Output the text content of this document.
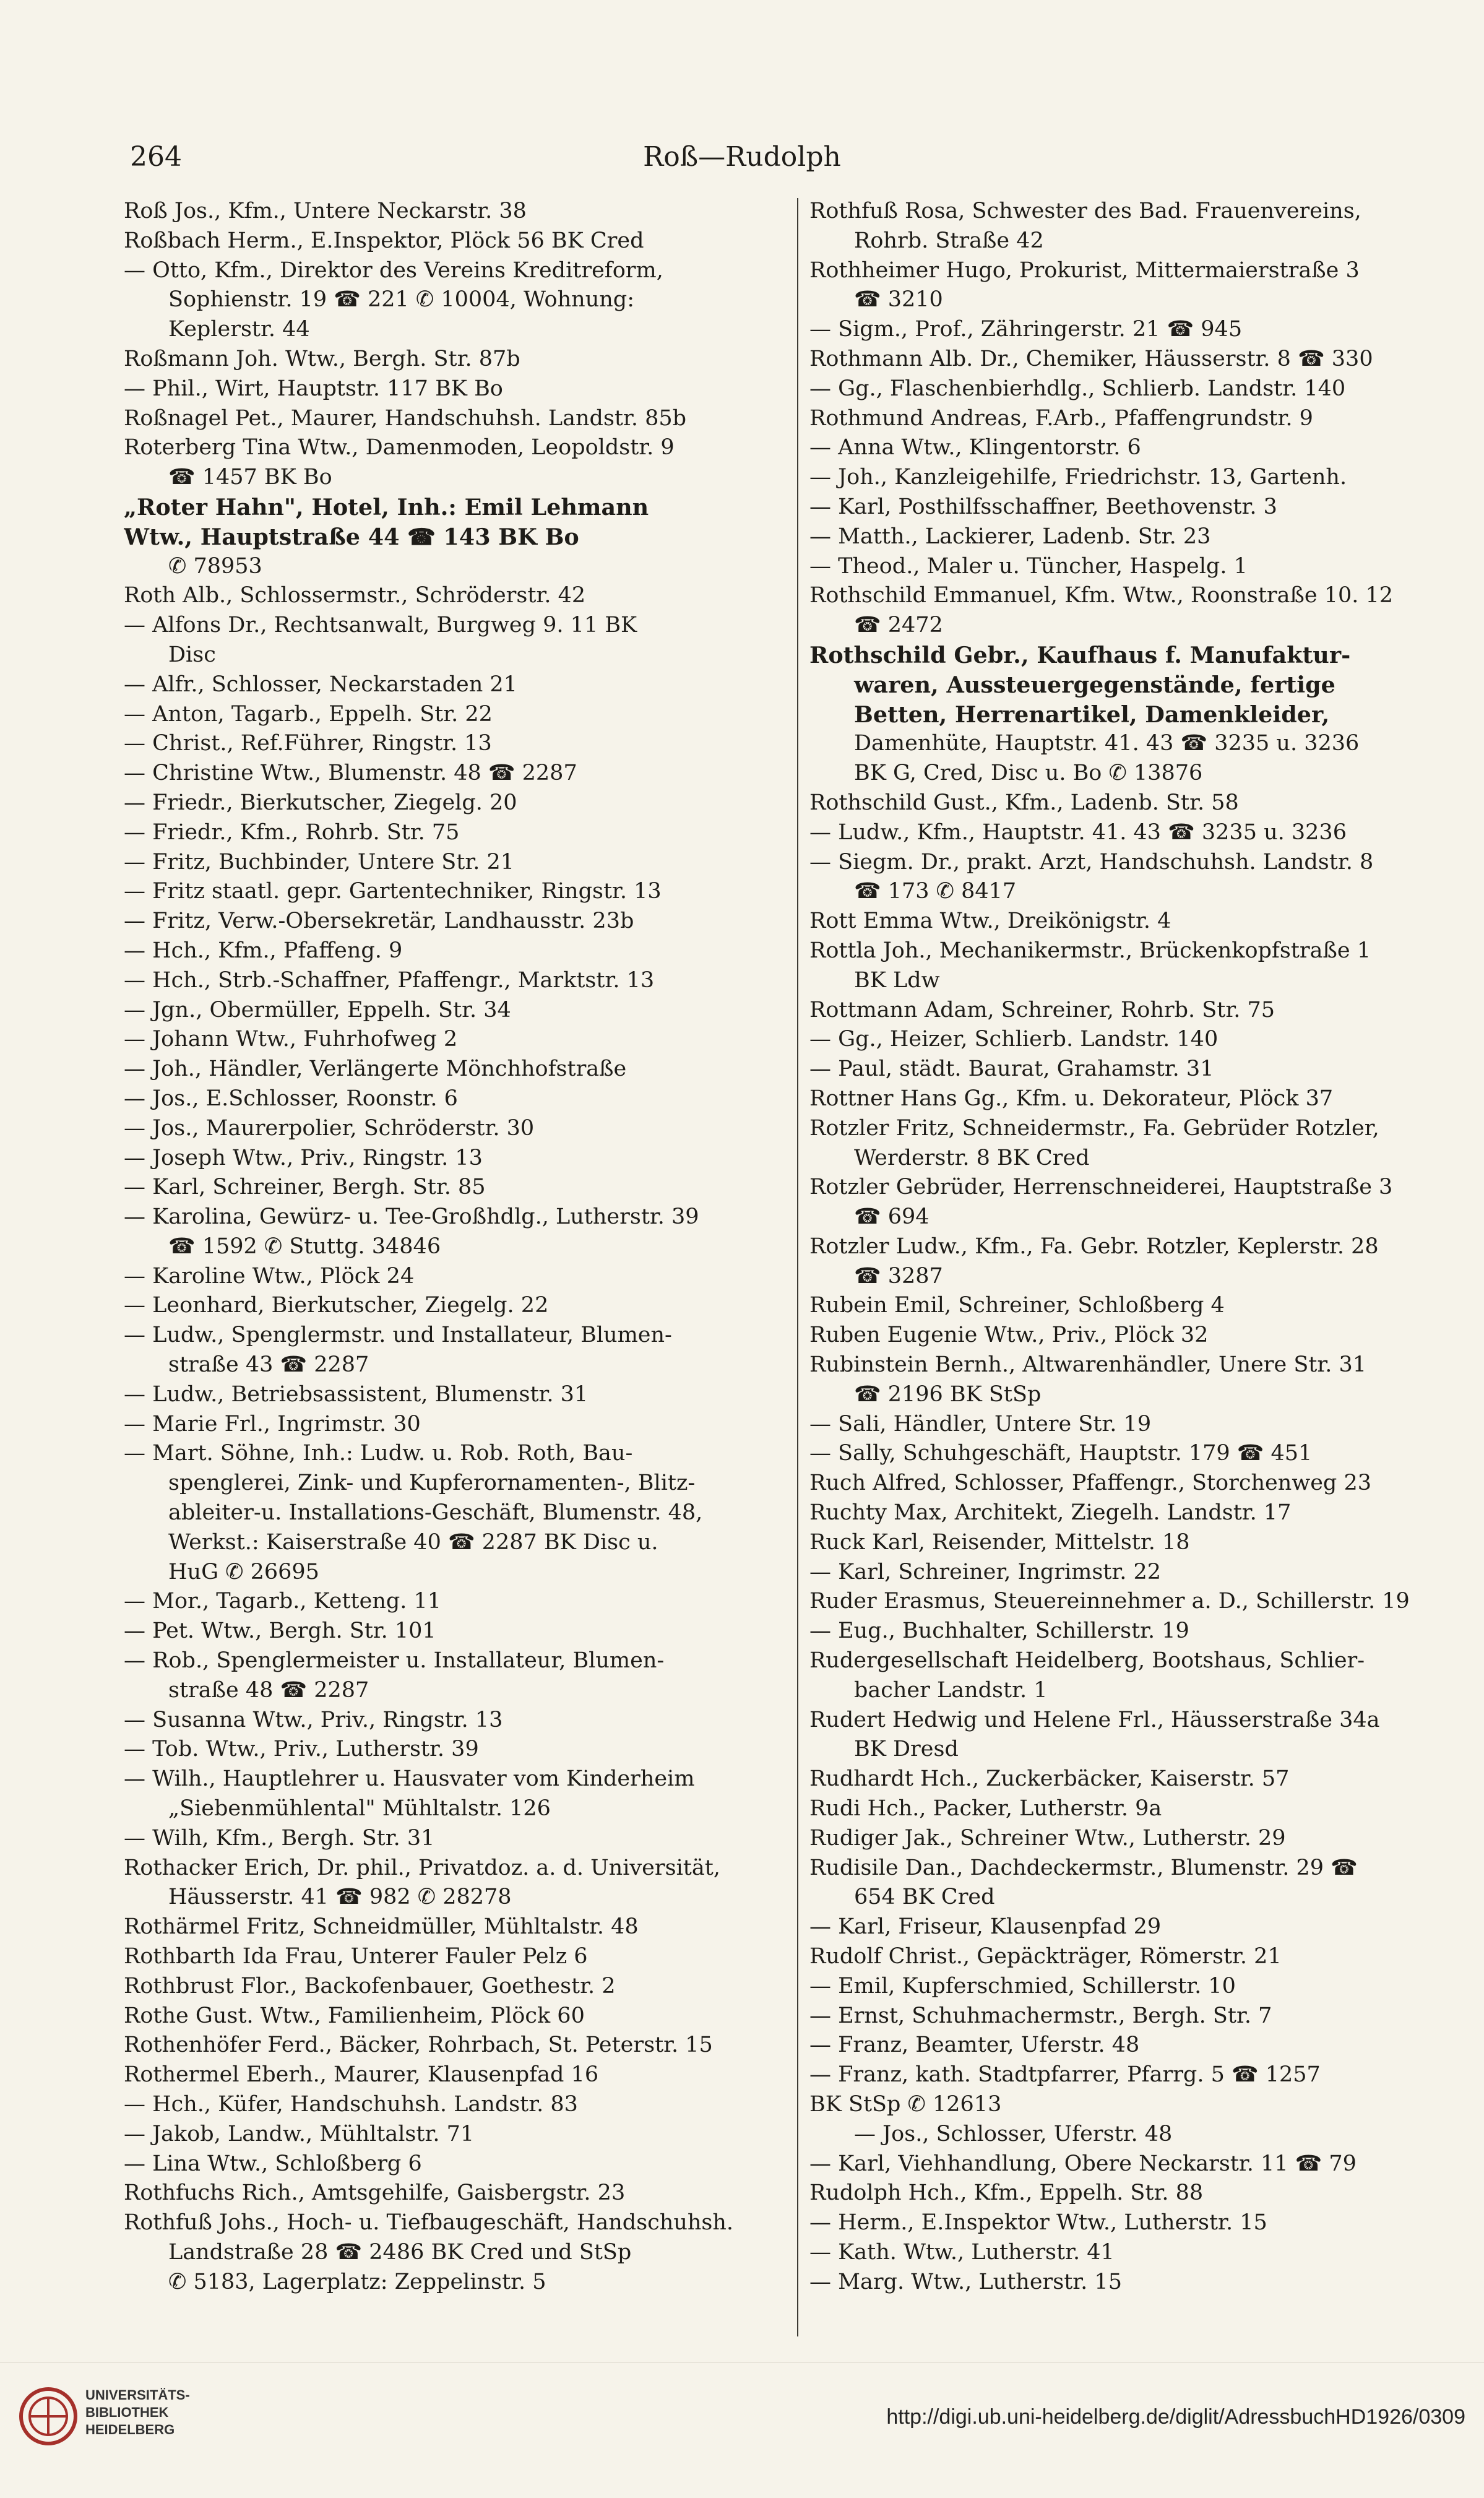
264	Roß—Rudolph
Roß Jos., Kfm., Untere Neckarstr. 38
Roßbach Herm., E.Inspektor, Plöck 56 BK Cred
— Otto, Kfm., Direktor des Vereins Kreditreform,
Sophienstr. 19 ☎ 221 ✆ 10004, Wohnung:
Keplerstr. 44
Roßmann Joh. Wtw., Bergh. Str. 87b
— Phil., Wirt, Hauptstr. 117 BK Bo
Roßnagel Pet., Maurer, Handschuhsh. Landstr. 85b
Roterberg Tina Wtw., Damenmoden, Leopoldstr. 9
☎ 1457 BK Bo
„Roter Hahn", Hotel, Inh.: Emil Lehmann
Wtw., Hauptstraße 44 ☎ 143 BK Bo
✆ 78953
Roth Alb., Schlossermstr., Schröderstr. 42
— Alfons Dr., Rechtsanwalt, Burgweg 9. 11 BK
Disc
— Alfr., Schlosser, Neckarstaden 21
— Anton, Tagarb., Eppelh. Str. 22
— Christ., Ref.Führer, Ringstr. 13
— Christine Wtw., Blumenstr. 48 ☎ 2287
— Friedr., Bierkutscher, Ziegelg. 20
— Friedr., Kfm., Rohrb. Str. 75
— Fritz, Buchbinder, Untere Str. 21
— Fritz staatl. gepr. Gartentechniker, Ringstr. 13
— Fritz, Verw.-Obersekretär, Landhausstr. 23b
— Hch., Kfm., Pfaffeng. 9
— Hch., Strb.-Schaffner, Pfaffengr., Marktstr. 13
— Jgn., Obermüller, Eppelh. Str. 34
— Johann Wtw., Fuhrhofweg 2
— Joh., Händler, Verlängerte Mönchhofstraße
— Jos., E.Schlosser, Roonstr. 6
— Jos., Maurerpolier, Schröderstr. 30
— Joseph Wtw., Priv., Ringstr. 13
— Karl, Schreiner, Bergh. Str. 85
— Karolina, Gewürz- u. Tee-Großhdlg., Lutherstr. 39
☎ 1592 ✆ Stuttg. 34846
— Karoline Wtw., Plöck 24
— Leonhard, Bierkutscher, Ziegelg. 22
— Ludw., Spenglermstr. und Installateur, Blumen-
straße 43 ☎ 2287
— Ludw., Betriebsassistent, Blumenstr. 31
— Marie Frl., Ingrimstr. 30
— Mart. Söhne, Inh.: Ludw. u. Rob. Roth, Bau-
spenglerei, Zink- und Kupferornamenten-, Blitz-
ableiter-u. Installations-Geschäft, Blumenstr. 48,
Werkst.: Kaiserstraße 40 ☎ 2287 BK Disc u.
HuG ✆ 26695
— Mor., Tagarb., Ketteng. 11
— Pet. Wtw., Bergh. Str. 101
— Rob., Spenglermeister u. Installateur, Blumen-
straße 48 ☎ 2287
— Susanna Wtw., Priv., Ringstr. 13
— Tob. Wtw., Priv., Lutherstr. 39
— Wilh., Hauptlehrer u. Hausvater vom Kinderheim
„Siebenmühlental" Mühltalstr. 126
— Wilh, Kfm., Bergh. Str. 31
Rothacker Erich, Dr. phil., Privatdoz. a. d. Universität,
Häusserstr. 41 ☎ 982 ✆ 28278
Rothärmel Fritz, Schneidmüller, Mühltalstr. 48
Rothbarth Ida Frau, Unterer Fauler Pelz 6
Rothbrust Flor., Backofenbauer, Goethestr. 2
Rothe Gust. Wtw., Familienheim, Plöck 60
Rothenhöfer Ferd., Bäcker, Rohrbach, St. Peterstr. 15
Rothermel Eberh., Maurer, Klausenpfad 16
— Hch., Küfer, Handschuhsh. Landstr. 83
— Jakob, Landw., Mühltalstr. 71
— Lina Wtw., Schloßberg 6
Rothfuchs Rich., Amtsgehilfe, Gaisbergstr. 23
Rothfuß Johs., Hoch- u. Tiefbaugeschäft, Handschuhsh.
Landstraße 28 ☎ 2486 BK Cred und StSp
✆ 5183, Lagerplatz: Zeppelinstr. 5
Rothfuß Rosa, Schwester des Bad. Frauenvereins,
Rohrb. Straße 42
Rothheimer Hugo, Prokurist, Mittermaierstraße 3
☎ 3210
— Sigm., Prof., Zähringerstr. 21 ☎ 945
Rothmann Alb. Dr., Chemiker, Häusserstr. 8 ☎ 330
— Gg., Flaschenbierhdlg., Schlierb. Landstr. 140
Rothmund Andreas, F.Arb., Pfaffengrundstr. 9
— Anna Wtw., Klingentorstr. 6
— Joh., Kanzleigehilfe, Friedrichstr. 13, Gartenh.
— Karl, Posthilfsschaffner, Beethovenstr. 3
— Matth., Lackierer, Ladenb. Str. 23
— Theod., Maler u. Tüncher, Haspelg. 1
Rothschild Emmanuel, Kfm. Wtw., Roonstraße 10. 12
☎ 2472
Rothschild Gebr., Kaufhaus f. Manufaktur-
waren, Aussteuergegenstände, fertige
Betten, Herrenartikel, Damenkleider,
Damenhüte, Hauptstr. 41. 43 ☎ 3235 u. 3236
BK G, Cred, Disc u. Bo ✆ 13876
Rothschild Gust., Kfm., Ladenb. Str. 58
— Ludw., Kfm., Hauptstr. 41. 43 ☎ 3235 u. 3236
— Siegm. Dr., prakt. Arzt, Handschuhsh. Landstr. 8
☎ 173 ✆ 8417
Rott Emma Wtw., Dreikönigstr. 4
Rottla Joh., Mechanikermstr., Brückenkopfstraße 1
BK Ldw
Rottmann Adam, Schreiner, Rohrb. Str. 75
— Gg., Heizer, Schlierb. Landstr. 140
— Paul, städt. Baurat, Grahamstr. 31
Rottner Hans Gg., Kfm. u. Dekorateur, Plöck 37
Rotzler Fritz, Schneidermstr., Fa. Gebrüder Rotzler,
Werderstr. 8 BK Cred
Rotzler Gebrüder, Herrenschneiderei, Hauptstraße 3
☎ 694
Rotzler Ludw., Kfm., Fa. Gebr. Rotzler, Keplerstr. 28
☎ 3287
Rubein Emil, Schreiner, Schloßberg 4
Ruben Eugenie Wtw., Priv., Plöck 32
Rubinstein Bernh., Altwarenhändler, Unere Str. 31
☎ 2196 BK StSp
— Sali, Händler, Untere Str. 19
— Sally, Schuhgeschäft, Hauptstr. 179 ☎ 451
Ruch Alfred, Schlosser, Pfaffengr., Storchenweg 23
Ruchty Max, Architekt, Ziegelh. Landstr. 17
Ruck Karl, Reisender, Mittelstr. 18
— Karl, Schreiner, Ingrimstr. 22
Ruder Erasmus, Steuereinnehmer a. D., Schillerstr. 19
— Eug., Buchhalter, Schillerstr. 19
Rudergesellschaft Heidelberg, Bootshaus, Schlier-
bacher Landstr. 1
Rudert Hedwig und Helene Frl., Häusserstraße 34a
BK Dresd
Rudhardt Hch., Zuckerbäcker, Kaiserstr. 57
Rudi Hch., Packer, Lutherstr. 9a
Rudiger Jak., Schreiner Wtw., Lutherstr. 29
Rudisile Dan., Dachdeckermstr., Blumenstr. 29 ☎
654 BK Cred
— Karl, Friseur, Klausenpfad 29
Rudolf Christ., Gepäckträger, Römerstr. 21
— Emil, Kupferschmied, Schillerstr. 10
— Ernst, Schuhmachermstr., Bergh. Str. 7
— Franz, Beamter, Uferstr. 48
— Franz, kath. Stadtpfarrer, Pfarrg. 5 ☎ 1257
BK StSp ✆ 12613
— Jos., Schlosser, Uferstr. 48
— Karl, Viehhandlung, Obere Neckarstr. 11 ☎ 79
Rudolph Hch., Kfm., Eppelh. Str. 88
— Herm., E.Inspektor Wtw., Lutherstr. 15
— Kath. Wtw., Lutherstr. 41
— Marg. Wtw., Lutherstr. 15
UNIVERSITÄTS-
BIBLIOTHEK
HEIDELBERG
http://digi.ub.uni-heidelberg.de/diglit/AdressbuchHD1926/0309
